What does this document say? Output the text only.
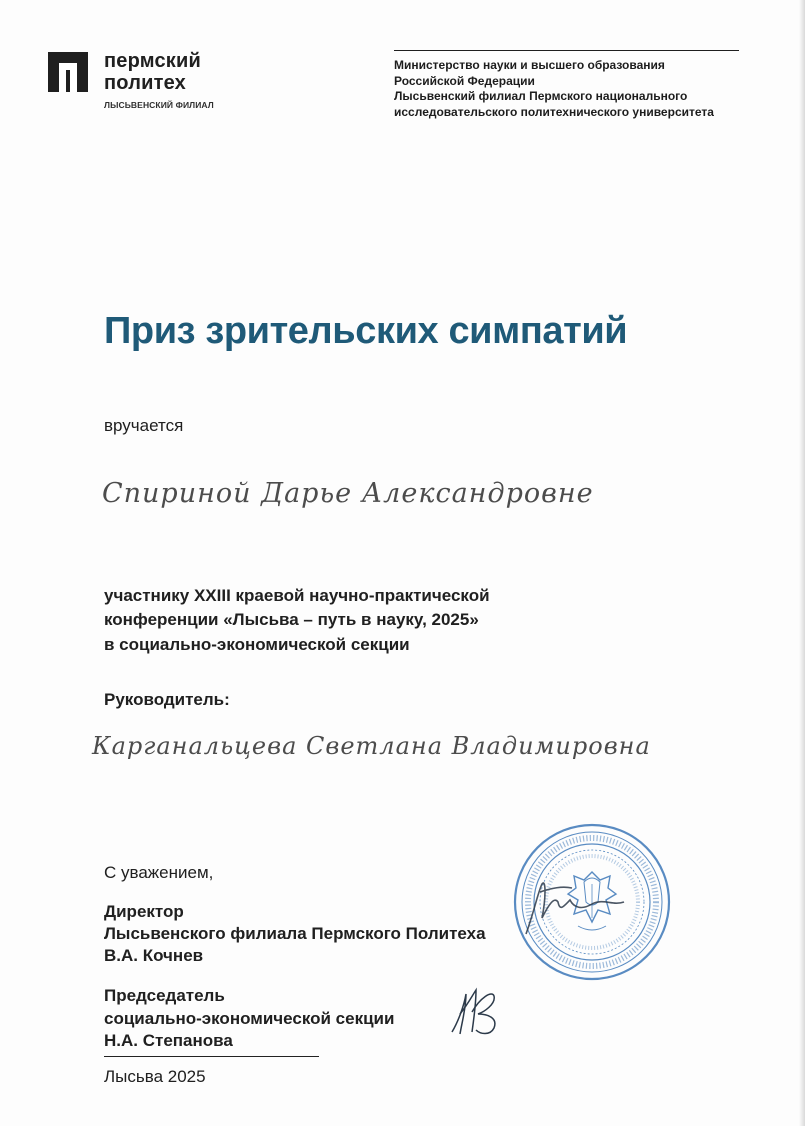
пермский
политех
ЛЫСЬВЕНСКИЙ ФИЛИАЛ
Министерство науки и высшего образования
Российской Федерации
Лысьвенский филиал Пермского национального
исследовательского политехнического университета
Приз зрительских симпатий
вручается
Спириной Дарье Александровне
участнику XXIII краевой научно-практической
конференции «Лысьва – путь в науку, 2025»
в социально-экономической секции
Руководитель:
Карганальцева Светлана Владимировна
С уважением,
Директор
Лысьвенского филиала Пермского Политеха
В.А. Кочнев
Председатель
социально-экономической секции
Н.А. Степанова
Лысьва 2025
